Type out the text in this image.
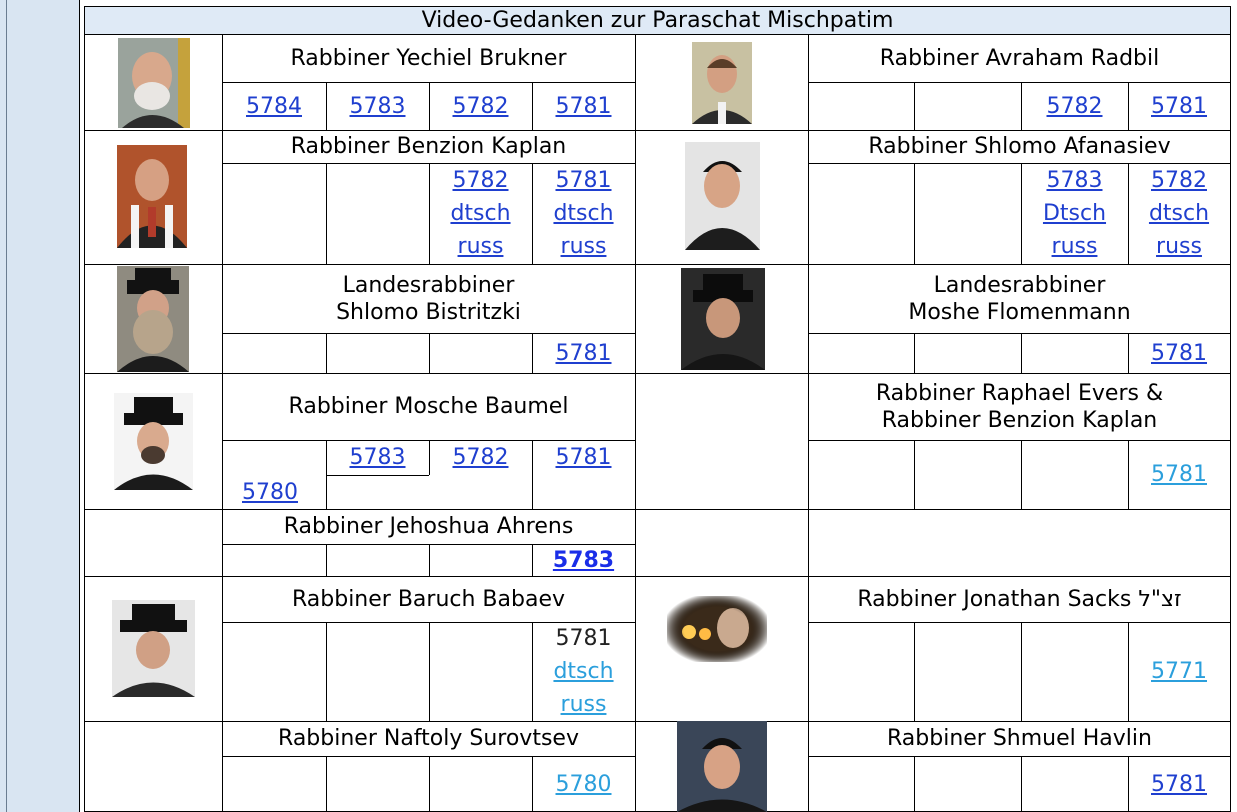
Video-Gedanken zur Paraschat Mischpatim
Rabbiner Yechiel Brukner
5784 5783 5782 5781
Rabbiner Benzion Kaplan
5782 5781
dtsch dtsch
russ	russ
Landesrabbiner
Shlomo Bistritzki
5781
Rabbiner Mosche Baumel
5783 5782 5781
5780
Rabbiner Jehoshua Ahrens
5783
Rabbiner Baruch Babaev
5781
dtsch
russ
Rabbiner Naftoly Surovtsev
5780
Rabbiner Avraham Radbil
5782 5781
Rabbiner Shlomo Afanasiev
5783 5782
Dtsch dtsch
russ	russ
Landesrabbiner
Moshe Flomenmann
5781
Rabbiner Raphael Evers &
Rabbiner Benzion Kaplan
5781
Rabbiner Jonathan Sacks זצ"ל
5771
Rabbiner Shmuel Havlin
5781
